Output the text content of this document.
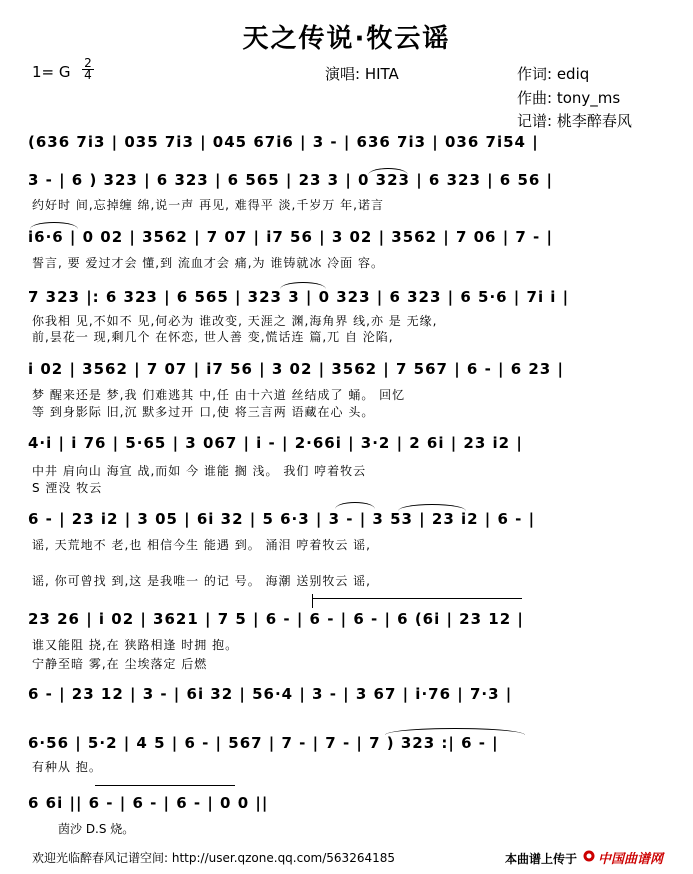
天之传说·牧云谣
1= G $\frac{2}{4}$	演唱: HITA	作词: ediq
作曲: tony_ms
记谱: 桃李醉春风
(636 7i3 | 035 7i3 | 045 67i6 | 3 - | 636 7i3 | 036 7i54 |
3 - | 6 ) 323 | 6 323 | 6 565 | 23 3 | 0 323 | 6 323 | 6 56 |
约好时 间,忘掉缠 绵,说一声 再见, 难得平 淡,千岁万 年,诺言
i6·6 | 0 02 | 3562 | 7 07 | i7 56 | 3 02 | 3562 | 7 06 | 7 - |
誓言, 要 爱过才会 懂,到 流血才会 痛,为 谁铸就冰 冷面 容。
7 323 |: 6 323 | 6 565 | 323 3 | 0 323 | 6 323 | 6 5·6 | 7i i |
你我相 见,不如不 见,何必为 谁改变, 天涯之 渊,海角界 线,亦 是 无缘,
前,昙花一 现,剩几个 在怀恋, 世人善 变,慌话连 篇,兀 自 沦陷,
i 02 | 3562 | 7 07 | i7 56 | 3 02 | 3562 | 7 567 | 6 - | 6 23 |
梦 醒来还是 梦,我 们难逃其 中,任 由十六道 丝结成了 蛹。 回忆
等 到身影际 旧,沉 默多过开 口,使 将三言两 语藏在心 头。
4·i | i 76 | 5·65 | 3 067 | i - | 2·66i | 3·2 | 2 6i | 23 i2 |
中井 肩向山 海宣 战,而如 今 谁能 搁 浅。 我们 哼着牧云
S 湮没 牧云
6 - | 23 i2 | 3 05 | 6i 32 | 5 6·3 | 3 - | 3 53 | 23 i2 | 6 - |
谣, 天荒地不 老,也 相信今生 能遇 到。 涌泪 哼着牧云 谣,
谣, 你可曾找 到,这 是我唯一 的记 号。 海潮 送别牧云 谣,
23 26 | i 02 | 3621 | 7 5 | 6 - | 6 - | 6 - | 6 (6i | 23 12 |
谁又能阻 挠,在 狭路相逢 时拥 抱。
宁静至暗 雾,在 尘埃落定 后燃
6 - | 23 12 | 3 - | 6i 32 | 56·4 | 3 - | 3 67 | i·76 | 7·3 |
6·56 | 5·2 | 4 5 | 6 - | 567 | 7 - | 7 - | 7 ) 323 :| 6 - |
有种从 抱。
6 6i || 6 - | 6 - | 6 - | 0 0 ||
茵沙 D.S 烧。
欢迎光临醉春风记谱空间: http://user.qzone.qq.com/563264185	本曲谱上传于 中国曲谱网
